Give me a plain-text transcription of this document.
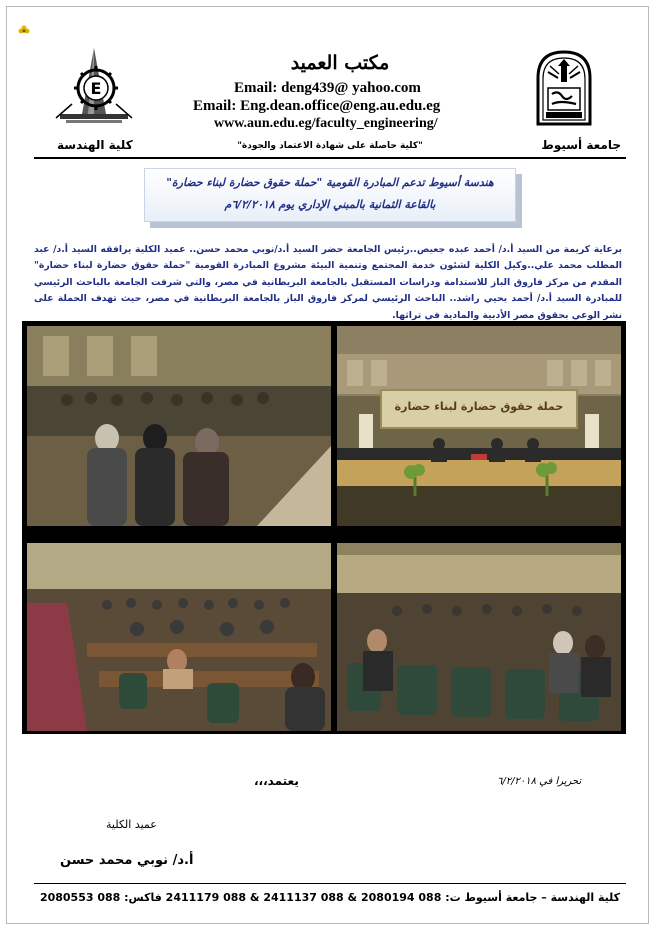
E
مكتب العميد
Email: deng439@ yahoo.com
Email: Eng.dean.office@eng.au.edu.eg
www.aun.edu.eg/faculty_engineering/
جامعة أسيوط
"كلية حاصلة على شهادة الاعتماد والجودة"
كلية الهندسة
هندسة أسيوط تدعم المبادرة القومية "حملة حقوق حضارة لبناء حضارة"
بالقاعة الثمانية بالمبني الإداري يوم ٦/٢/٢٠١٨م
برعاية كريمة من السيد أ.د/ أحمد عبده جعيص..رئيس الجامعة حضر السيد أ.د/نوبي محمد حسن.. عميد الكلية يرافقه السيد أ.د/ عبد المطلب محمد علي..وكيل الكلية لشئون خدمة المجتمع وتنمية البيئة مشروع المبادرة القومية "حملة حقوق حضارة لبناء حضارة" المقدم من مركز فاروق الباز للاستدامة ودراسات المستقبل بالجامعة البريطانية في مصر، والتي شرفت الجامعة بالباحث الرئيسي للمبادرة السيد أ.د/ أحمد يحيي راشد.. الباحث الرئيسي لمركز فاروق الباز بالجامعة البريطانية في مصر، حيث تهدف الحملة على نشر الوعي بحقوق مصر الأدبية والمادية في تراثها.
حملة حقوق حضارة لبناء حضارة
يعتمد،،،	تحريرا في ٦/٢/٢٠١٨
عميد الكلية
أ.د/ نوبي محمد حسن
كلية الهندسة – جامعة أسيوط ت: 088 2080194 & 088 2411137 & 088 2411179 فاكس: 088 2080553
